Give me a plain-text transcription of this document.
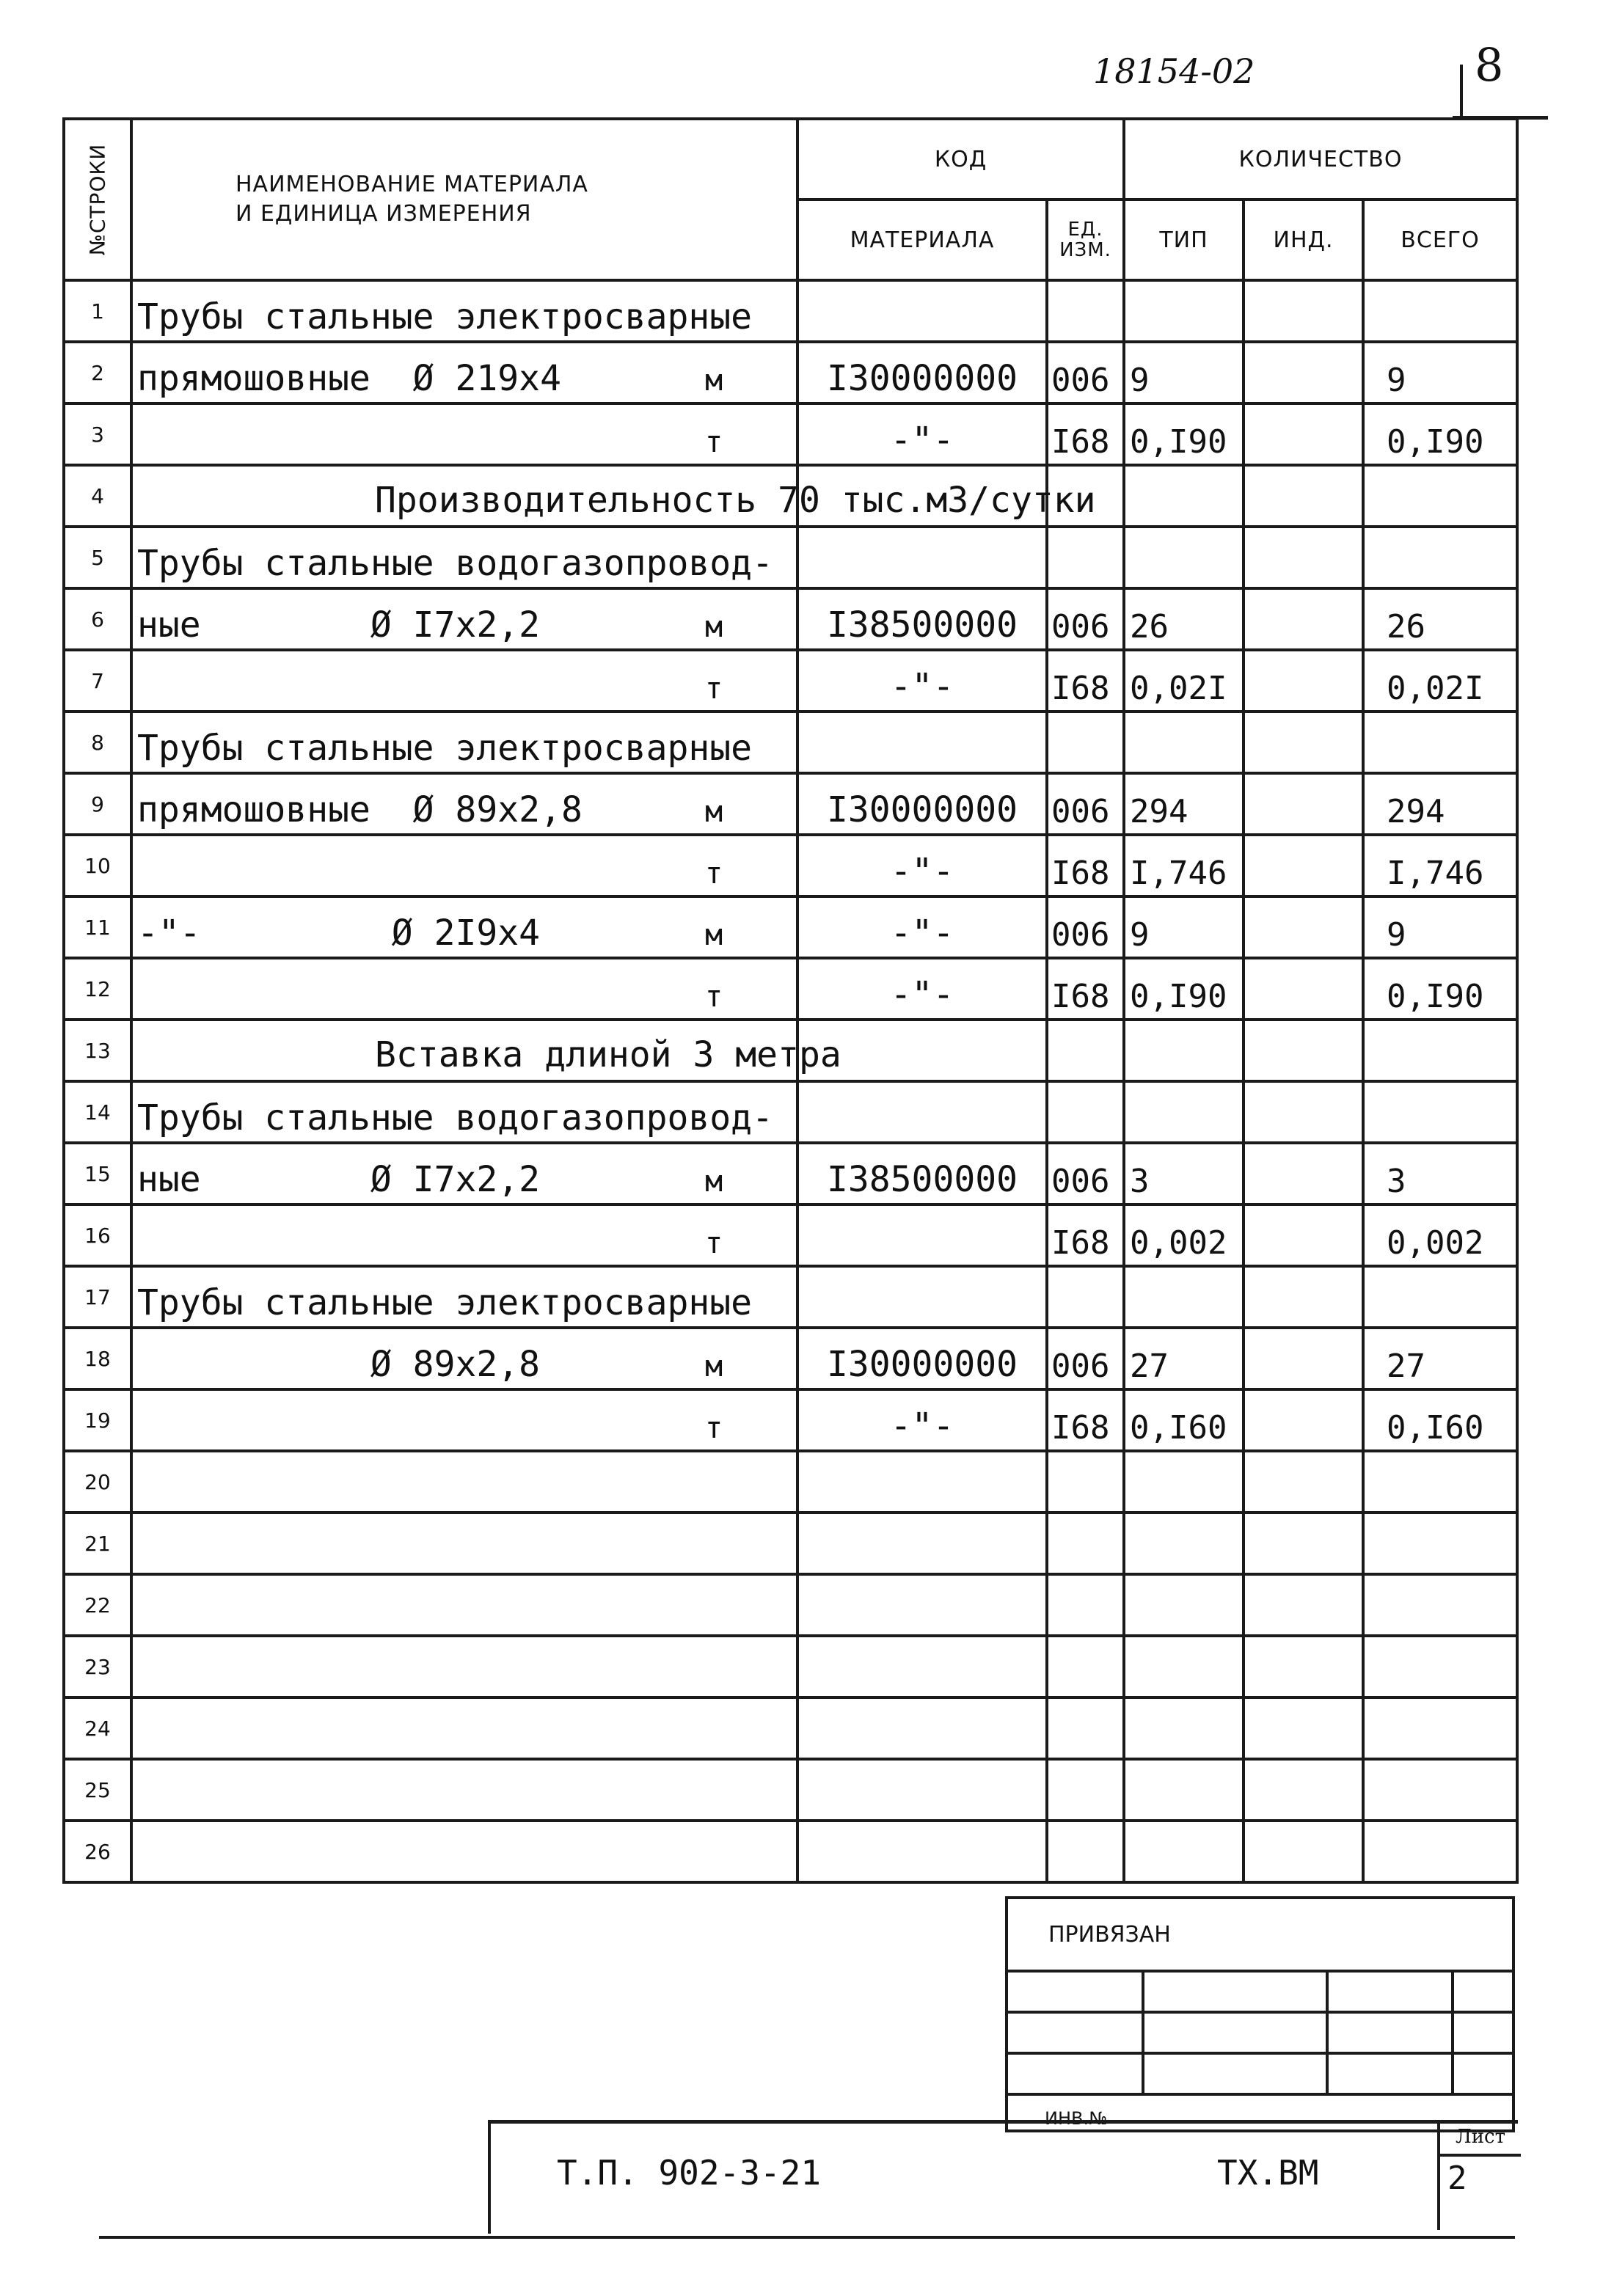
18154-02	8
№СТРОКИ	НАИМЕНОВАНИЕ МАТЕРИАЛА
И ЕДИНИЦА ИЗМЕРЕНИЯ	КОД		КОЛИЧЕСТВО		
		МАТЕРИАЛА	ЕД. ИЗМ.	ТИП	ИНД.	ВСЕГО
1	Трубы стальные электросварные

2	прямошовные  Ø 219х4 м	I30000000	006	9		9
3	т	-"-	I68	0,I90		0,I90
4	Производительность 70 тыс.м3/сутки					

5	Трубы стальные водогазопровод-

6	ные        Ø I7х2,2 м	I38500000	006	26		26
7	т	-"-	I68	0,02I		0,02I
8	Трубы стальные электросварные

9	прямошовные  Ø 89х2,8 м	I30000000	006	294		294
10	т	-"-	I68	I,746		I,746
11	-"-         Ø 2I9х4 м	-"-	006	9		9
12	т	-"-	I68	0,I90		0,I90
13	Вставка длиной 3 метра					

14	Трубы стальные водогазопровод-

15	ные        Ø I7х2,2 м	I38500000	006	3		3
16	т		I68	0,002		0,002
17	Трубы стальные электросварные

18	Ø 89х2,8 м	I30000000	006	27		27
19	т	-"-	I68	0,I60		0,I60
20	

21	

22	

23	

24	

25	

26	

ПРИВЯЗАН			

ИНВ.№			
Т.П. 902-3-21	ТХ.ВМ
Лист
2
